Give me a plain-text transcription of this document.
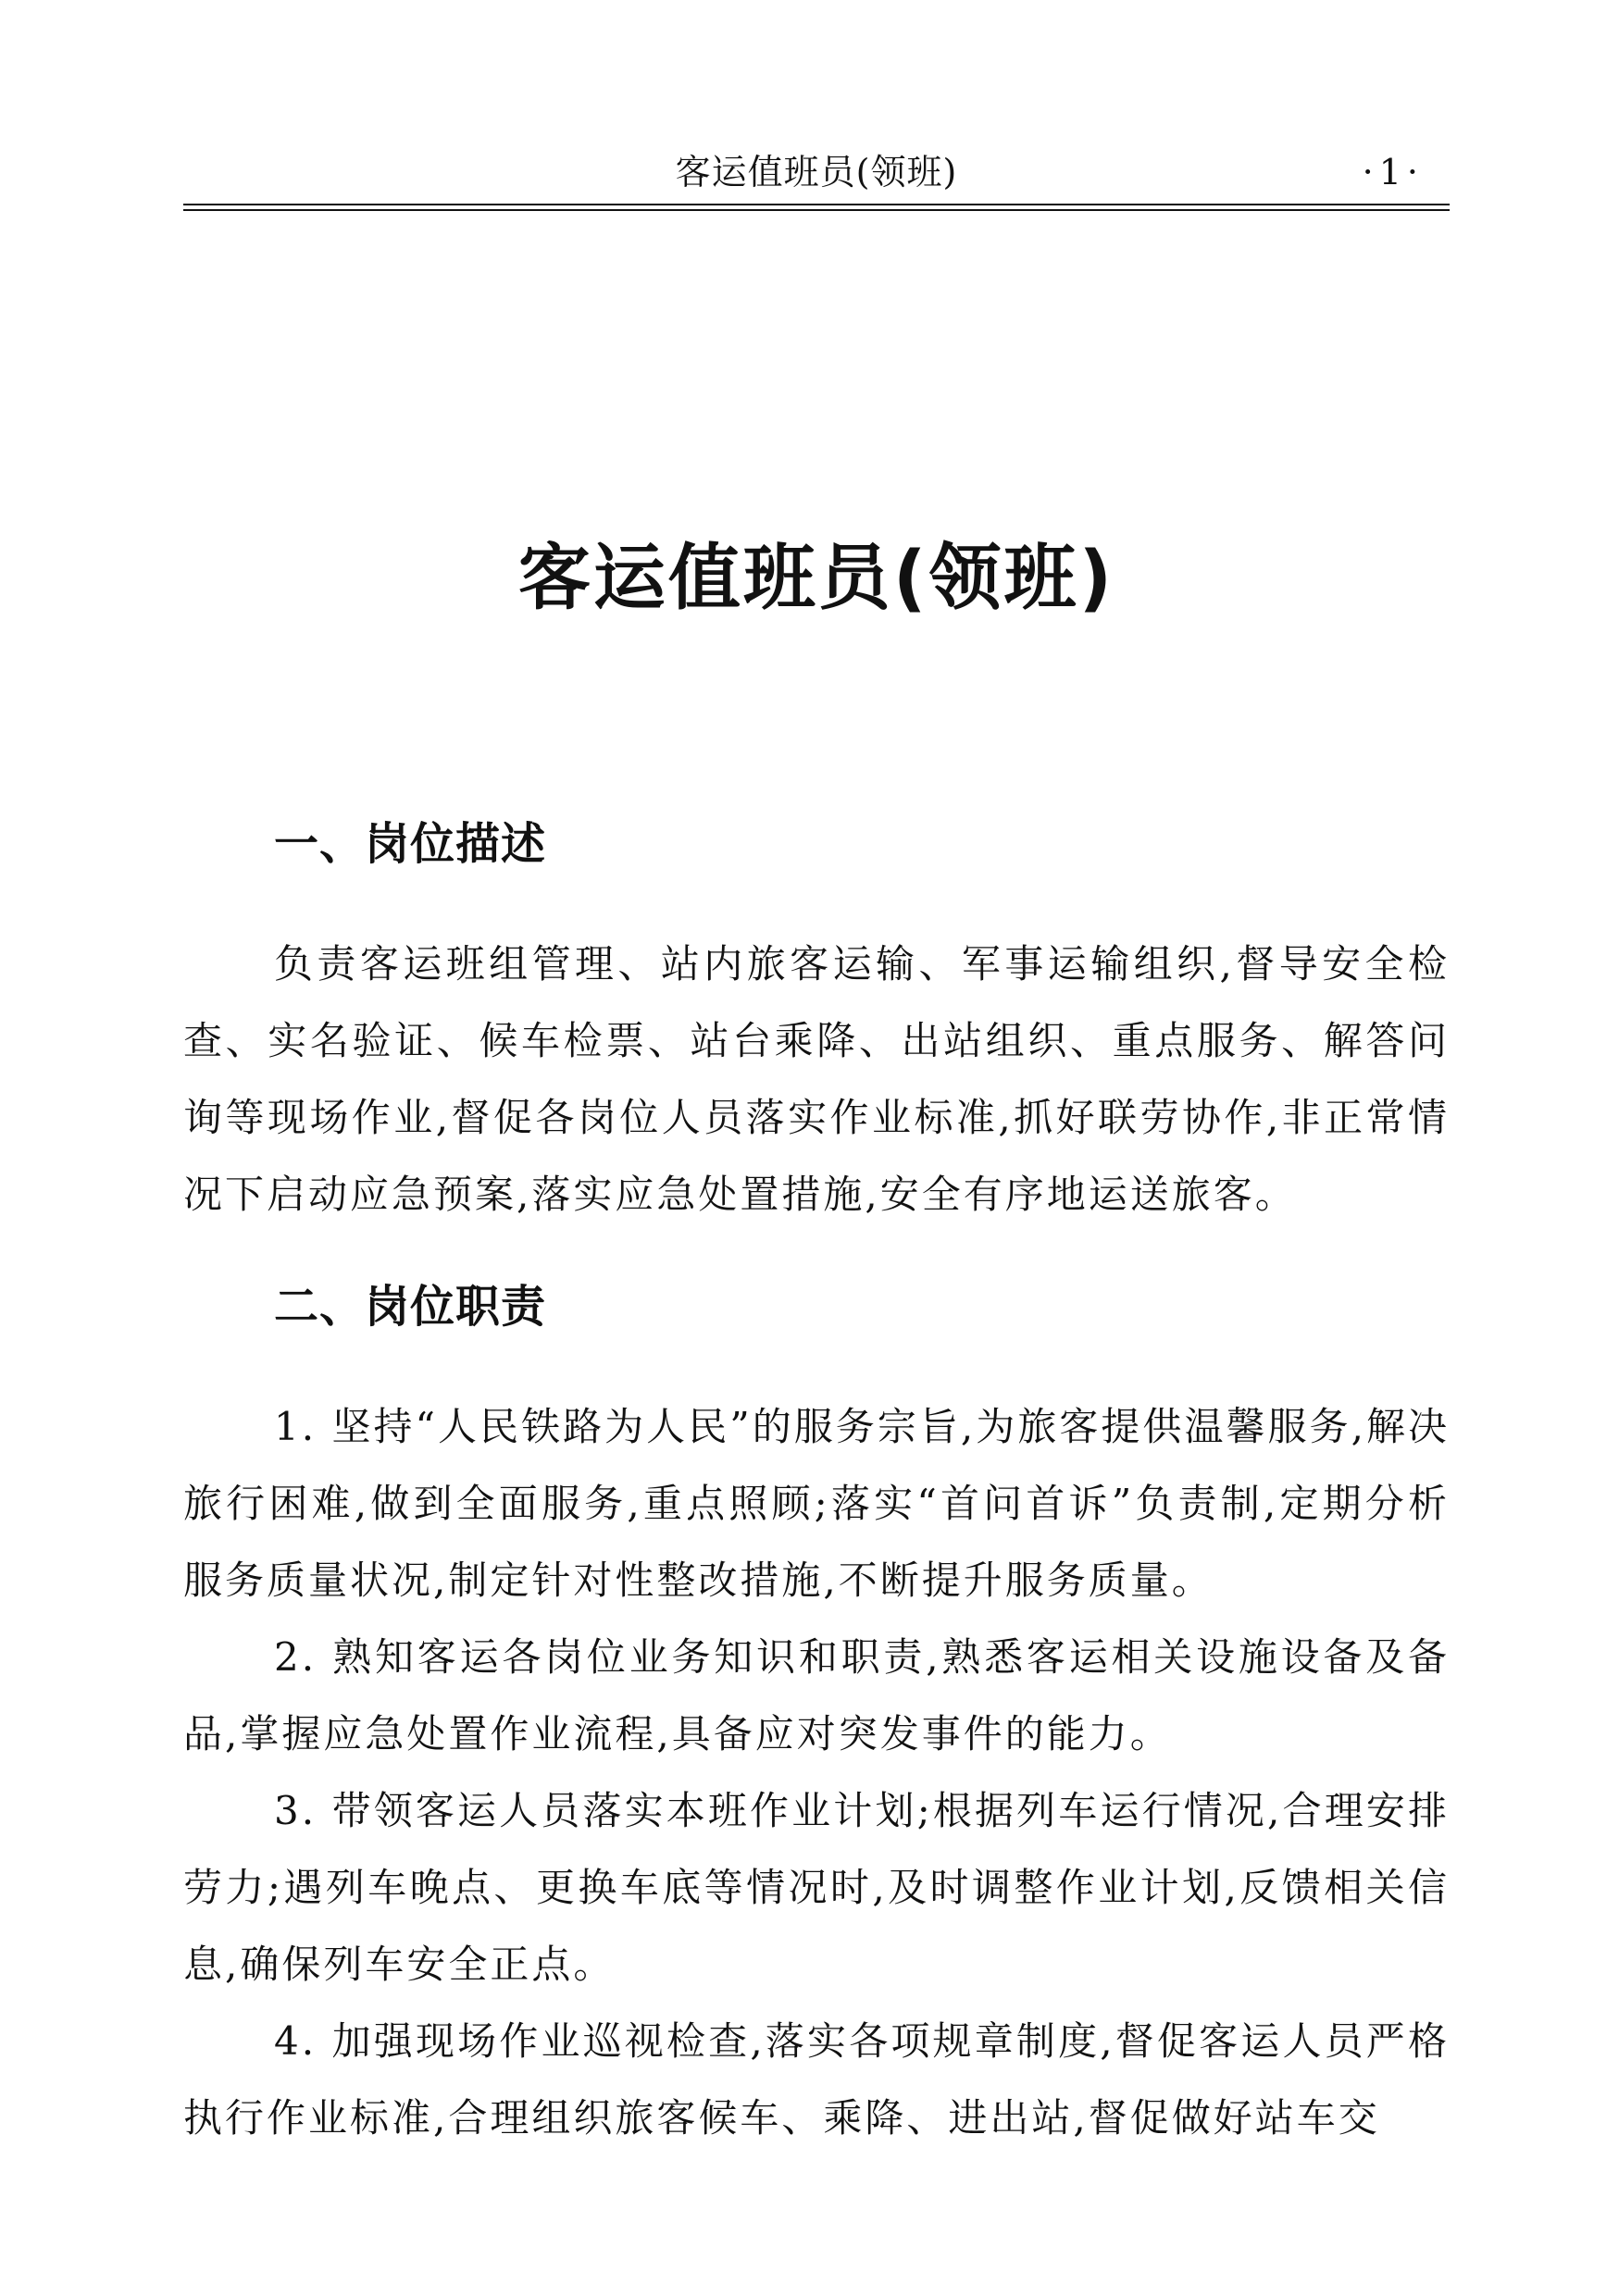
客运值班员(领班)	·1·
客运值班员(领班)
一、岗位描述

负责客运班组管理、站内旅客运输、军事运输组织,督导安全检查、实名验证、候车检票、站台乘降、出站组织、重点服务、解答问询等现场作业,督促各岗位人员落实作业标准,抓好联劳协作,非正常情况下启动应急预案,落实应急处置措施,安全有序地运送旅客。

二、岗位职责

1. 坚持“人民铁路为人民”的服务宗旨,为旅客提供温馨服务,解决旅行困难,做到全面服务,重点照顾;落实“首问首诉”负责制,定期分析服务质量状况,制定针对性整改措施,不断提升服务质量。

2. 熟知客运各岗位业务知识和职责,熟悉客运相关设施设备及备品,掌握应急处置作业流程,具备应对突发事件的能力。

3. 带领客运人员落实本班作业计划;根据列车运行情况,合理安排劳力;遇列车晚点、更换车底等情况时,及时调整作业计划,反馈相关信息,确保列车安全正点。

4. 加强现场作业巡视检查,落实各项规章制度,督促客运人员严格执行作业标准,合理组织旅客候车、乘降、进出站,督促做好站车交
